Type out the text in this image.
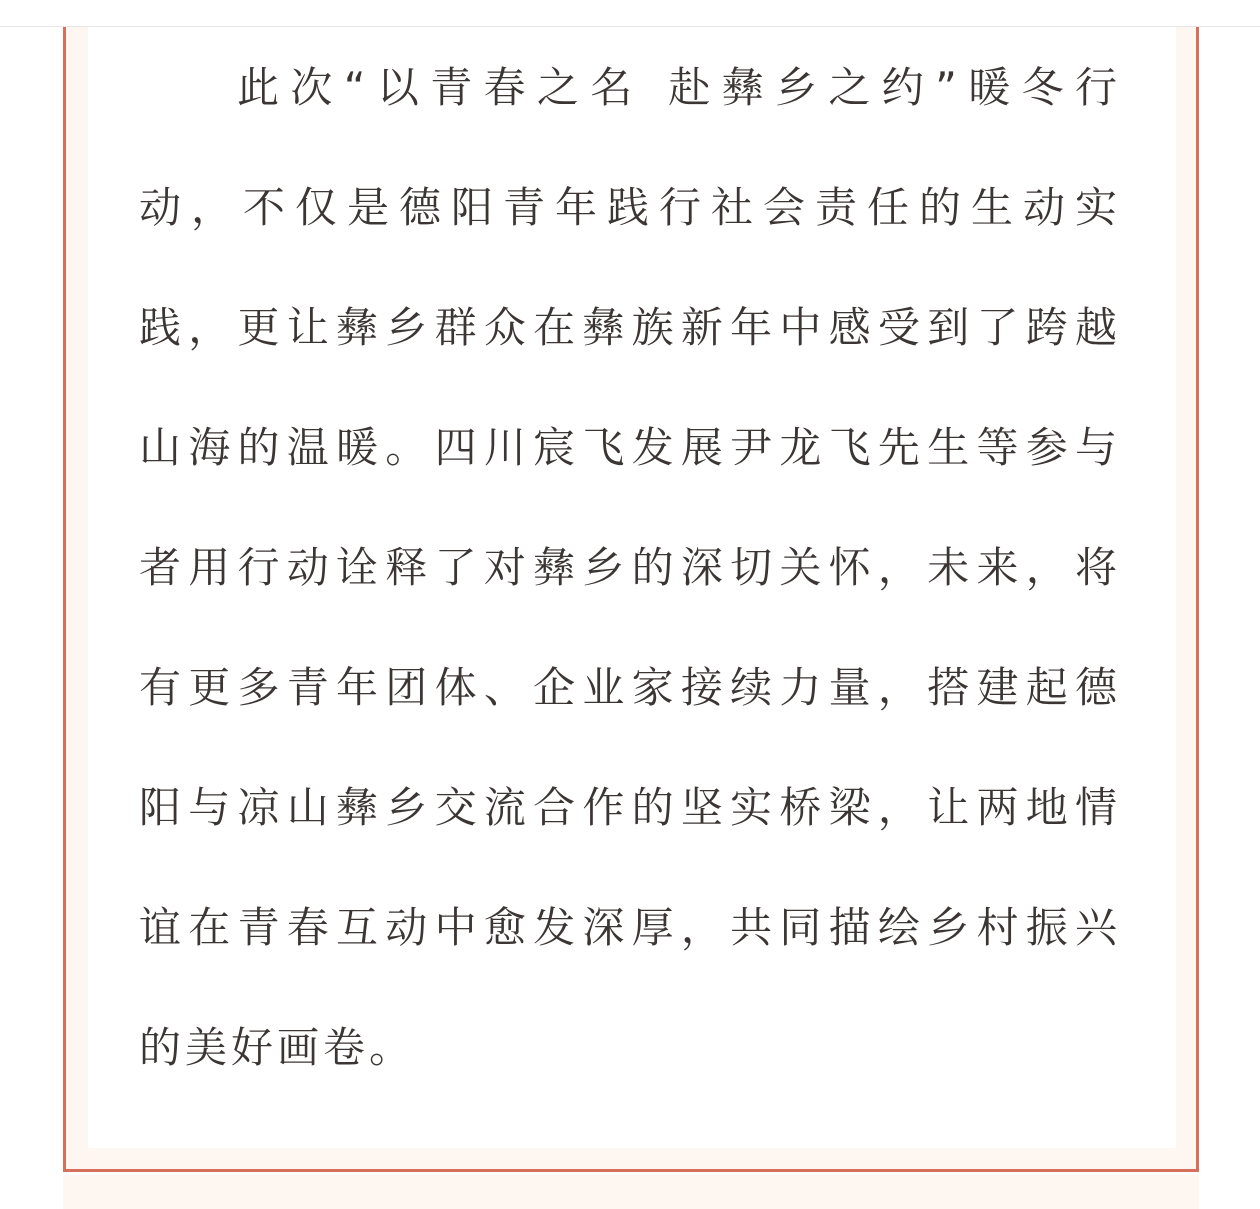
此次“以青春之名 赴彝乡之约”暖冬行
动，不仅是德阳青年践行社会责任的生动实
践，更让彝乡群众在彝族新年中感受到了跨越
山海的温暖。四川宸飞发展尹龙飞先生等参与
者用行动诠释了对彝乡的深切关怀，未来，将
有更多青年团体、企业家接续力量，搭建起德
阳与凉山彝乡交流合作的坚实桥梁，让两地情
谊在青春互动中愈发深厚，共同描绘乡村振兴
的美好画卷。
